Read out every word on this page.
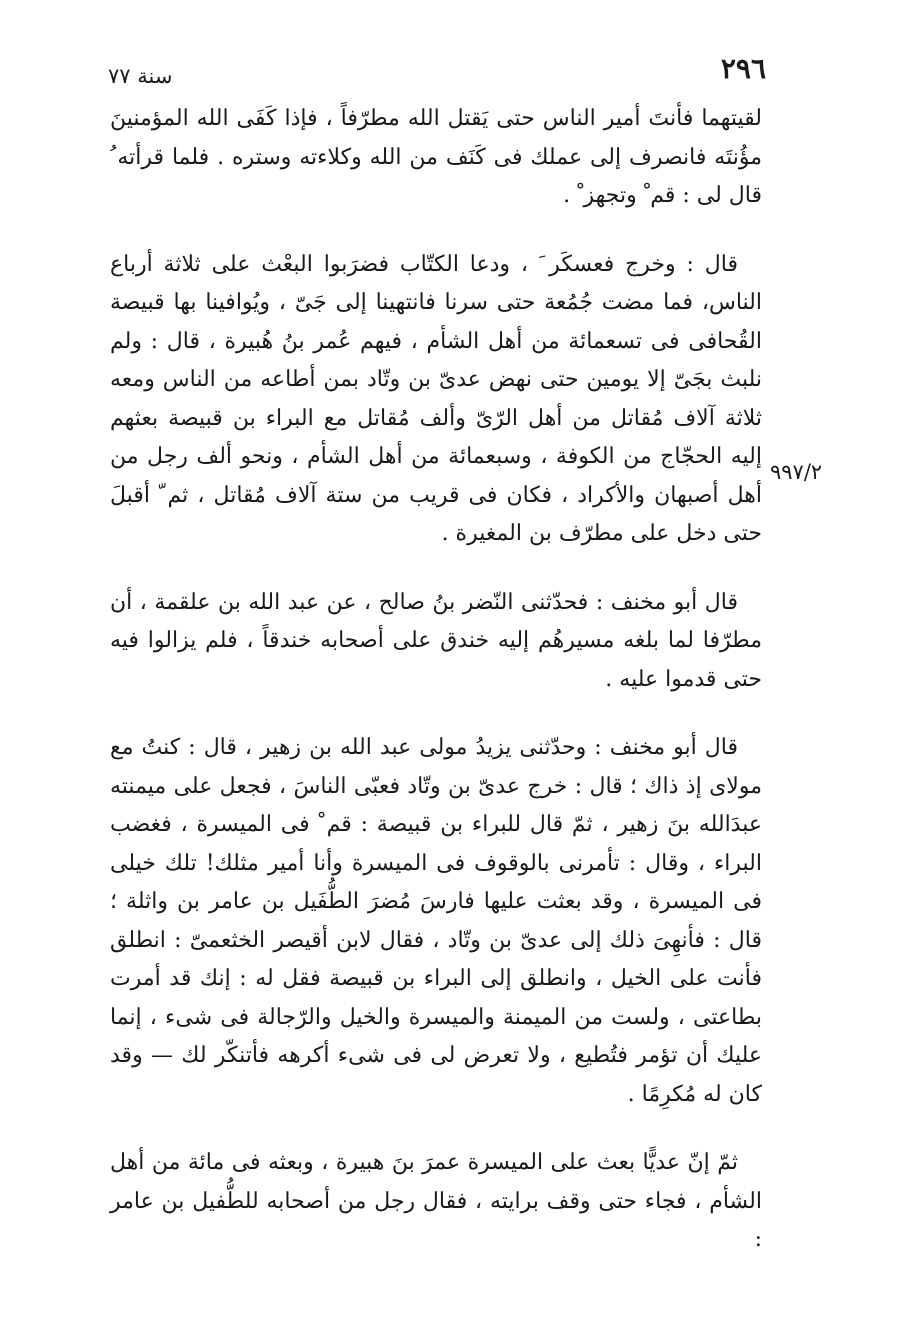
٢٩٦
سنة ٧٧
٩٩٧/٢

لقيتهما فأنتَ أمير الناس حتى يَقتل الله مطرّفاً ، فإذا كَفَى الله المؤمنينَ مؤُنتَه فانصرف إلى عملك فى كَنَف من الله وكلاءته وستره . فلما قرأته ُ قال لى : قم ْ وتجهز ْ .

قال : وخرج فعسكَر َ ، ودعا الكتّاب فضرَبوا البعْث على ثلاثة أرباع الناس، فما مضت جُمُعة حتى سرنا فانتهينا إلى جَىّ ، ويُوافينا بها قبيصة القُحافى فى تسعمائة من أهل الشأم ، فيهم عُمر بنُ هُبيرة ، قال : ولم نلبث بجَىّ إلا يومين حتى نهض عدىّ بن وتّاد بمن أطاعه من الناس ومعه ثلاثة آلاف مُقاتل من أهل الرّىّ وألف مُقاتل مع البراء بن قبيصة بعثهم إليه الحجّاج من الكوفة ، وسبعمائة من أهل الشأم ، ونحو ألف رجل من أهل أصبهان والأكراد ، فكان فى قريب من ستة آلاف مُقاتل ، ثم ّ أقبلَ حتى دخل على مطرّف بن المغيرة .

قال أبو مخنف : فحدّثنى النّضر بنُ صالح ، عن عبد الله بن علقمة ، أن مطرّفا لما بلغه مسيرهُم إليه خندق على أصحابه خندقاً ، فلم يزالوا فيه حتى قدموا عليه .

قال أبو مخنف : وحدّثنى يزيدُ مولى عبد الله بن زهير ، قال : كنتُ مع مولاى إذ ذاك ؛ قال : خرج عدىّ بن وتّاد فعبّى الناسَ ، فجعل على ميمنته عبدَالله بنَ زهير ، ثمّ قال للبراء بن قبيصة : قم ْ فى الميسرة ، فغضب البراء ، وقال : تأمرنى بالوقوف فى الميسرة وأنا أمير مثلك! تلك خيلى فى الميسرة ، وقد بعثت عليها فارسَ مُضرَ الطُّفَيل بن عامر بن واثلة ؛ قال : فأنهِىَ ذلك إلى عدىّ بن وتّاد ، فقال لابن أقيصر الخثعمىّ : انطلق فأنت على الخيل ، وانطلق إلى البراء بن قبيصة فقل له : إنك قد أمرت بطاعتى ، ولست من الميمنة والميسرة والخيل والرّجالة فى شىء ، إنما عليك أن تؤمر فتُطيع ، ولا تعرض لى فى شىء أكرهه فأتنكّر لك — وقد كان له مُكرِمًا .

ثمّ إنّ عديًّا بعث على الميسرة عمرَ بنَ هبيرة ، وبعثه فى مائة من أهل الشأم ، فجاء حتى وقف برايته ، فقال رجل من أصحابه للطُّفيل بن عامر :
